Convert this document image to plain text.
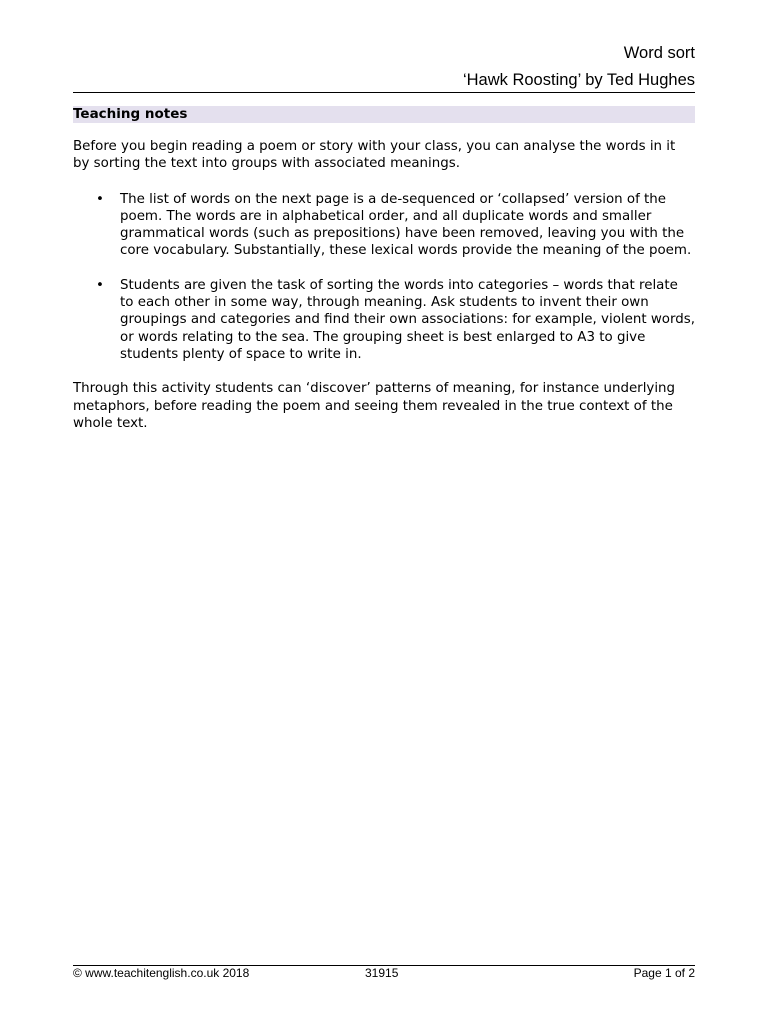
Word sort
‘Hawk Roosting’ by Ted Hughes
Teaching notes

Before you begin reading a poem or story with your class, you can analyse the words in it by sorting the text into groups with associated meanings.

• The list of words on the next page is a de-sequenced or ‘collapsed’ version of the poem. The words are in alphabetical order, and all duplicate words and smaller grammatical words (such as prepositions) have been removed, leaving you with the core vocabulary. Substantially, these lexical words provide the meaning of the poem.
• Students are given the task of sorting the words into categories – words that relate to each other in some way, through meaning. Ask students to invent their own groupings and categories and find their own associations: for example, violent words, or words relating to the sea. The grouping sheet is best enlarged to A3 to give students plenty of space to write in.

Through this activity students can ‘discover’ patterns of meaning, for instance underlying metaphors, before reading the poem and seeing them revealed in the true context of the whole text.

© www.teachitenglish.co.uk 2018	31915	Page 1 of 2
